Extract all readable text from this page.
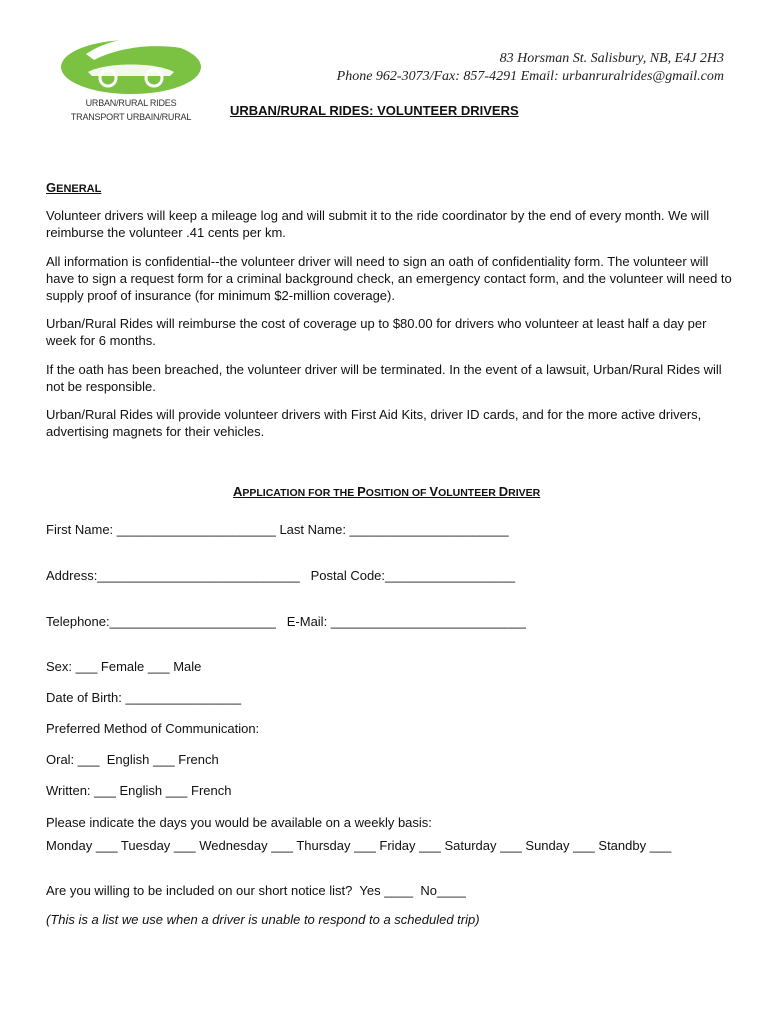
URBAN/RURAL RIDES
TRANSPORT URBAIN/RURAL
83 Horsman St. Salisbury, NB, E4J 2H3
Phone 962-3073/Fax: 857-4291 Email: urbanruralrides@gmail.com
URBAN/RURAL RIDES: VOLUNTEER DRIVERS
GENERAL
Volunteer drivers will keep a mileage log and will submit it to the ride coordinator by the end of every month. We will reimburse the volunteer .41 cents per km.
All information is confidential--the volunteer driver will need to sign an oath of confidentiality form. The volunteer will have to sign a request form for a criminal background check, an emergency contact form, and the volunteer will need to supply proof of insurance (for minimum $2-million coverage).
Urban/Rural Rides will reimburse the cost of coverage up to $80.00 for drivers who volunteer at least half a day per week for 6 months.
If the oath has been breached, the volunteer driver will be terminated. In the event of a lawsuit, Urban/Rural Rides will not be responsible.
Urban/Rural Rides will provide volunteer drivers with First Aid Kits, driver ID cards, and for the more active drivers, advertising magnets for their vehicles.
APPLICATION FOR THE POSITION OF VOLUNTEER DRIVER
First Name: ______________________ Last Name: ______________________
Address:____________________________   Postal Code:__________________
Telephone:_______________________   E-Mail: ___________________________
Sex: ___ Female ___ Male
Date of Birth: ________________
Preferred Method of Communication:
Oral: ___  English ___ French
Written: ___ English ___ French
Please indicate the days you would be available on a weekly basis:
Monday ___ Tuesday ___ Wednesday ___ Thursday ___ Friday ___ Saturday ___ Sunday ___ Standby ___
Are you willing to be included on our short notice list?  Yes ____  No____
(This is a list we use when a driver is unable to respond to a scheduled trip)
